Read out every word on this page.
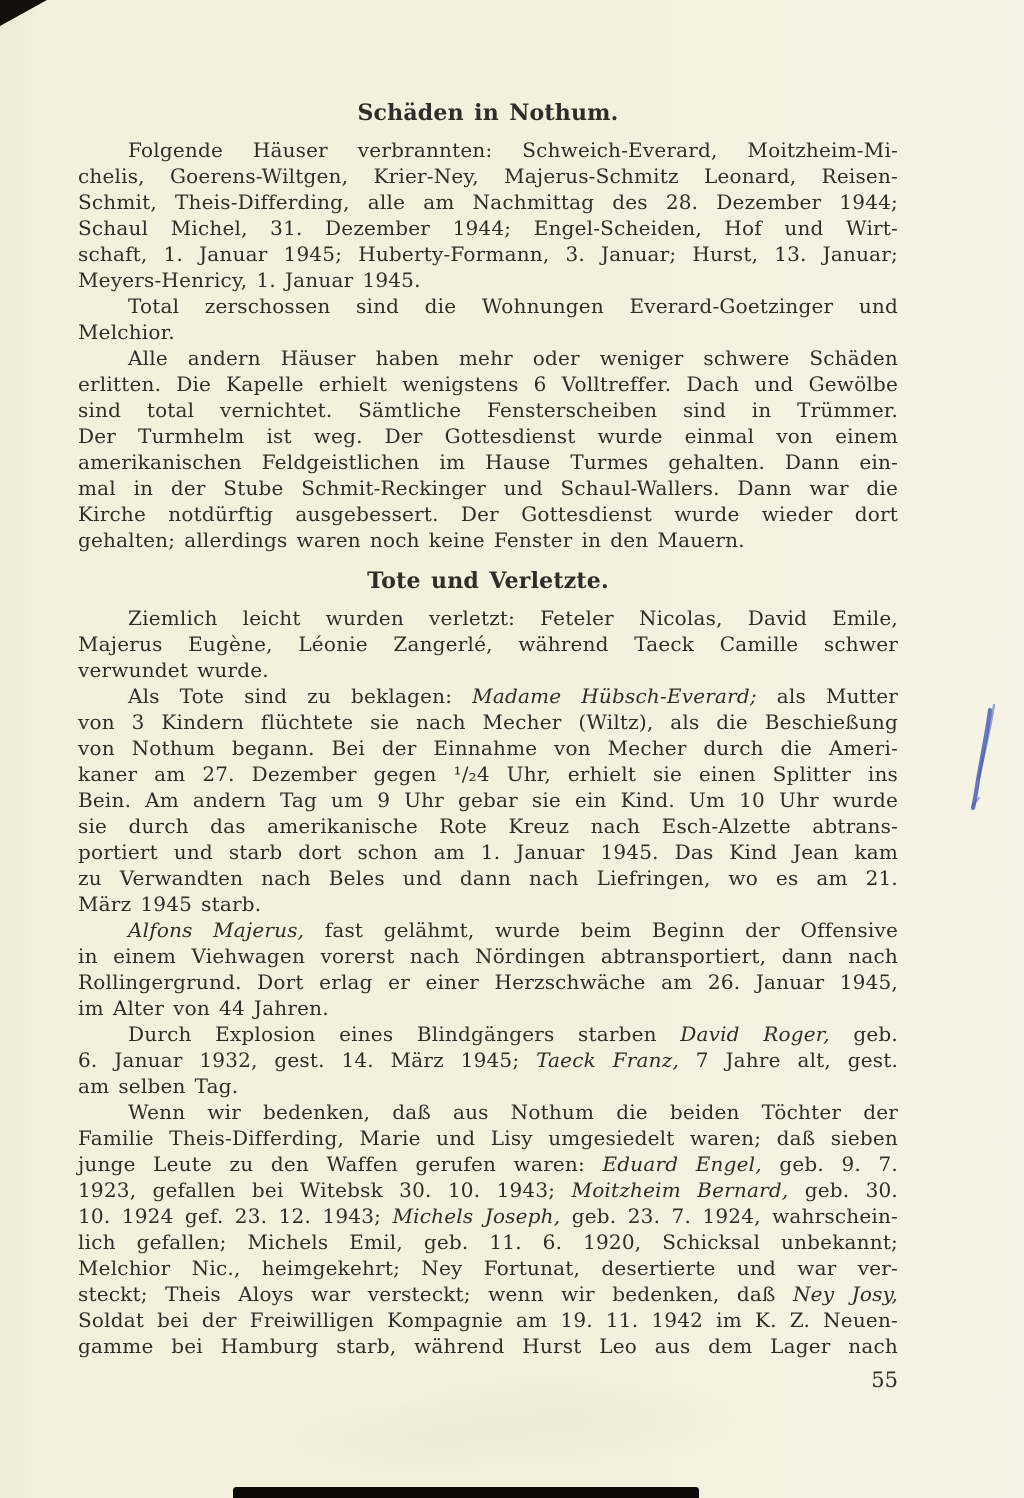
Schäden in Nothum.
Folgende Häuser verbrannten: Schweich-Everard, Moitzheim-Mi-
chelis, Goerens-Wiltgen, Krier-Ney, Majerus-Schmitz Leonard, Reisen-
Schmit, Theis-Differding, alle am Nachmittag des 28. Dezember 1944;
Schaul Michel, 31. Dezember 1944; Engel-Scheiden, Hof und Wirt-
schaft, 1. Januar 1945; Huberty-Formann, 3. Januar; Hurst, 13. Januar;
Meyers-Henricy, 1. Januar 1945.
Total zerschossen sind die Wohnungen Everard-Goetzinger und
Melchior.
Alle andern Häuser haben mehr oder weniger schwere Schäden
erlitten. Die Kapelle erhielt wenigstens 6 Volltreffer. Dach und Gewölbe
sind total vernichtet. Sämtliche Fensterscheiben sind in Trümmer.
Der Turmhelm ist weg. Der Gottesdienst wurde einmal von einem
amerikanischen Feldgeistlichen im Hause Turmes gehalten. Dann ein-
mal in der Stube Schmit-Reckinger und Schaul-Wallers. Dann war die
Kirche notdürftig ausgebessert. Der Gottesdienst wurde wieder dort
gehalten; allerdings waren noch keine Fenster in den Mauern.
Tote und Verletzte.
Ziemlich leicht wurden verletzt: Feteler Nicolas, David Emile,
Majerus Eugène, Léonie Zangerlé, während Taeck Camille schwer
verwundet wurde.
Als Tote sind zu beklagen: Madame Hübsch-Everard; als Mutter
von 3 Kindern flüchtete sie nach Mecher (Wiltz), als die Beschießung
von Nothum begann. Bei der Einnahme von Mecher durch die Ameri-
kaner am 27. Dezember gegen ¹/₂4 Uhr, erhielt sie einen Splitter ins
Bein. Am andern Tag um 9 Uhr gebar sie ein Kind. Um 10 Uhr wurde
sie durch das amerikanische Rote Kreuz nach Esch-Alzette abtrans-
portiert und starb dort schon am 1. Januar 1945. Das Kind Jean kam
zu Verwandten nach Beles und dann nach Liefringen, wo es am 21.
März 1945 starb.
Alfons Majerus, fast gelähmt, wurde beim Beginn der Offensive
in einem Viehwagen vorerst nach Nördingen abtransportiert, dann nach
Rollingergrund. Dort erlag er einer Herzschwäche am 26. Januar 1945,
im Alter von 44 Jahren.
Durch Explosion eines Blindgängers starben David Roger, geb.
6. Januar 1932, gest. 14. März 1945; Taeck Franz, 7 Jahre alt, gest.
am selben Tag.
Wenn wir bedenken, daß aus Nothum die beiden Töchter der
Familie Theis-Differding, Marie und Lisy umgesiedelt waren; daß sieben
junge Leute zu den Waffen gerufen waren: Eduard Engel, geb. 9. 7.
1923, gefallen bei Witebsk 30. 10. 1943; Moitzheim Bernard, geb. 30.
10. 1924 gef. 23. 12. 1943; Michels Joseph, geb. 23. 7. 1924, wahrschein-
lich gefallen; Michels Emil, geb. 11. 6. 1920, Schicksal unbekannt;
Melchior Nic., heimgekehrt; Ney Fortunat, desertierte und war ver-
steckt; Theis Aloys war versteckt; wenn wir bedenken, daß Ney Josy,
Soldat bei der Freiwilligen Kompagnie am 19. 11. 1942 im K. Z. Neuen-
gamme bei Hamburg starb, während Hurst Leo aus dem Lager nach
55
